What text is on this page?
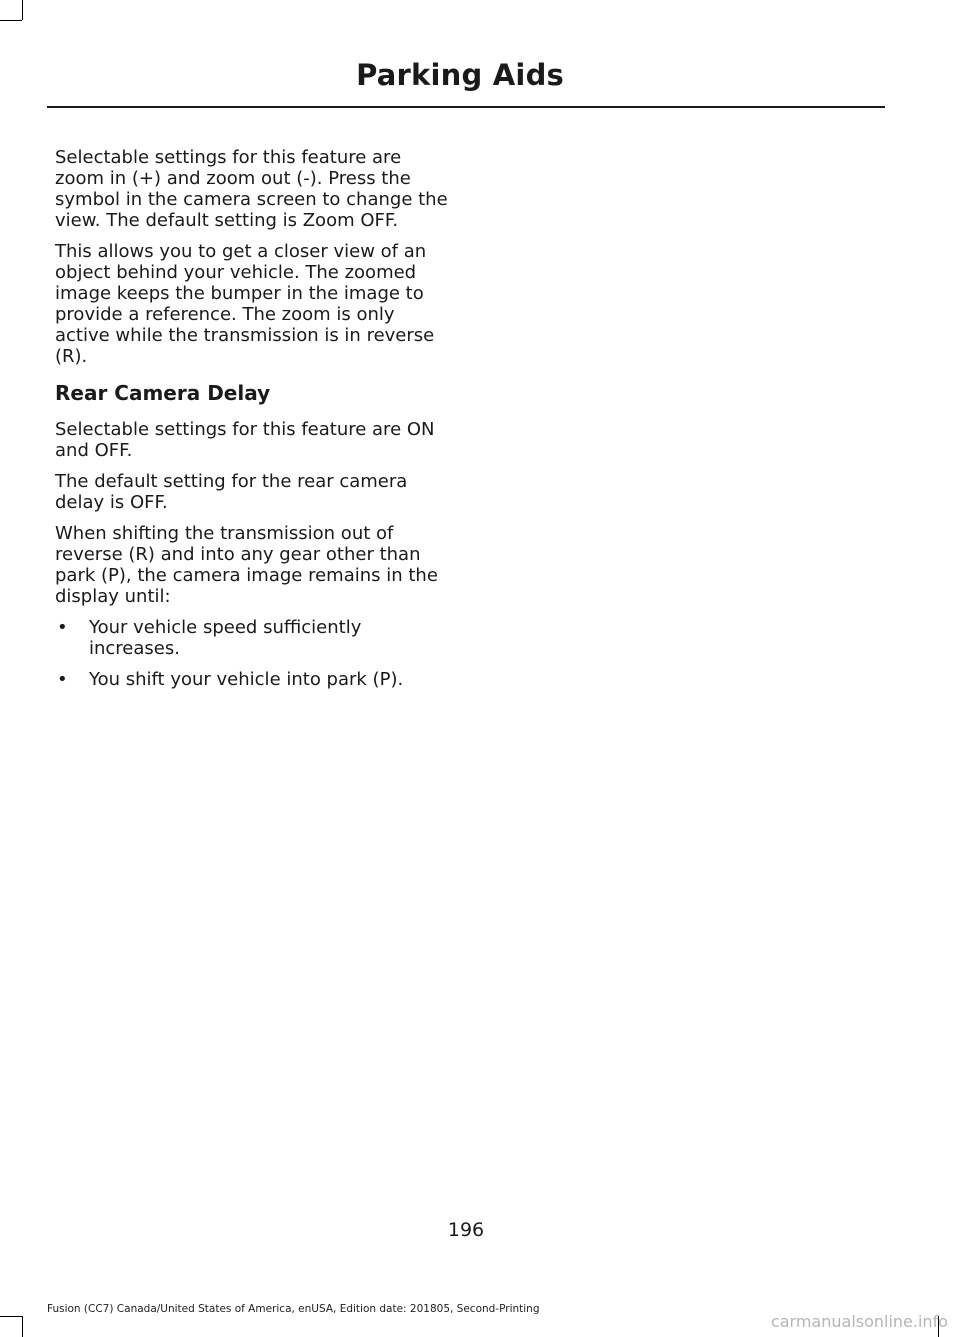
Parking Aids

Selectable settings for this feature are zoom in (+) and zoom out (-). Press the symbol in the camera screen to change the view. The default setting is Zoom OFF.

This allows you to get a closer view of an object behind your vehicle. The zoomed image keeps the bumper in the image to provide a reference. The zoom is only active while the transmission is in reverse (R).

Rear Camera Delay

Selectable settings for this feature are ON and OFF.

The default setting for the rear camera delay is OFF.

When shifting the transmission out of reverse (R) and into any gear other than park (P), the camera image remains in the display until:

• Your vehicle speed sufficiently increases.
• You shift your vehicle into park (P).
196
Fusion (CC7) Canada/United States of America, enUSA, Edition date: 201805, Second-Printing
carmanualsonline.info
